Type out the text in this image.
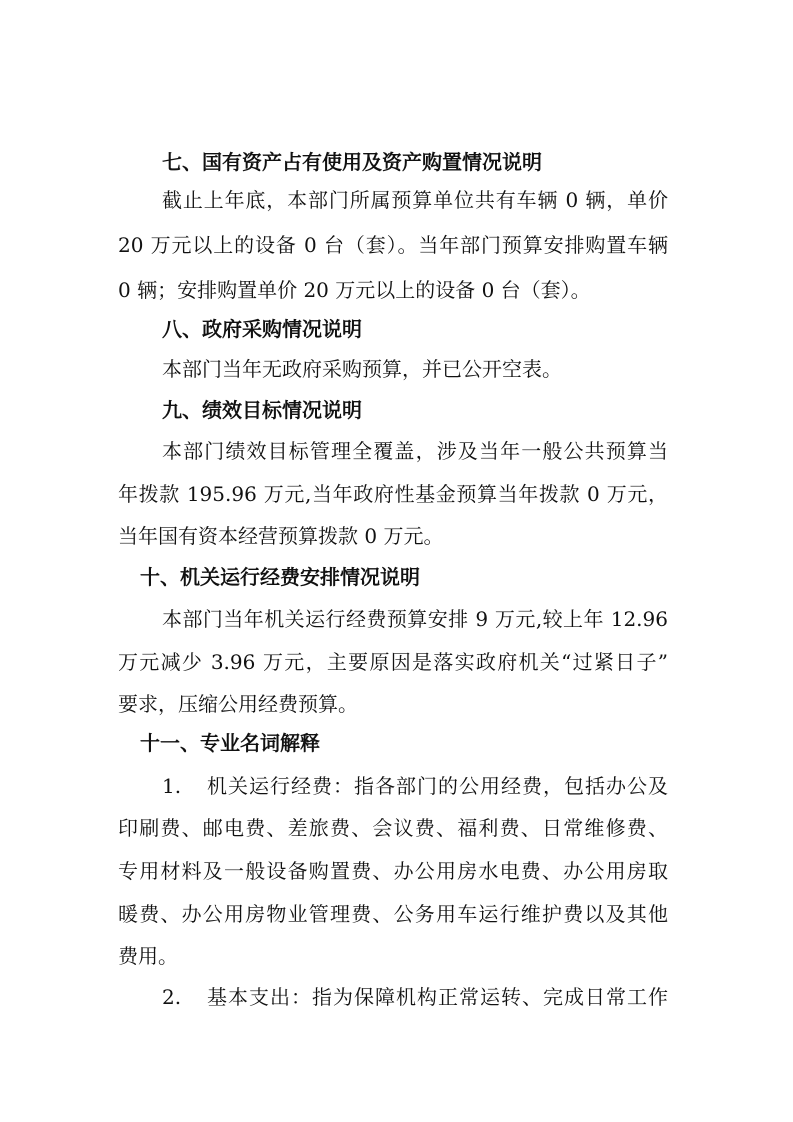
七、国有资产占有使用及资产购置情况说明
截止上年底，本部门所属预算单位共有车辆 0 辆，单价
20 万元以上的设备 0 台（套）。当年部门预算安排购置车辆
0 辆；安排购置单价 20 万元以上的设备 0 台（套）。
八、政府采购情况说明
本部门当年无政府采购预算，并已公开空表。
九、绩效目标情况说明
本部门绩效目标管理全覆盖，涉及当年一般公共预算当
年拨款 195.96 万元,当年政府性基金预算当年拨款 0 万元，
当年国有资本经营预算拨款 0 万元。
十、机关运行经费安排情况说明
本部门当年机关运行经费预算安排 9 万元,较上年 12.96
万元减少 3.96 万元，主要原因是落实政府机关“过紧日子”
要求，压缩公用经费预算。
十一、专业名词解释
1. 机关运行经费：指各部门的公用经费，包括办公及
印刷费、邮电费、差旅费、会议费、福利费、日常维修费、
专用材料及一般设备购置费、办公用房水电费、办公用房取
暖费、办公用房物业管理费、公务用车运行维护费以及其他
费用。
2. 基本支出：指为保障机构正常运转、完成日常工作
